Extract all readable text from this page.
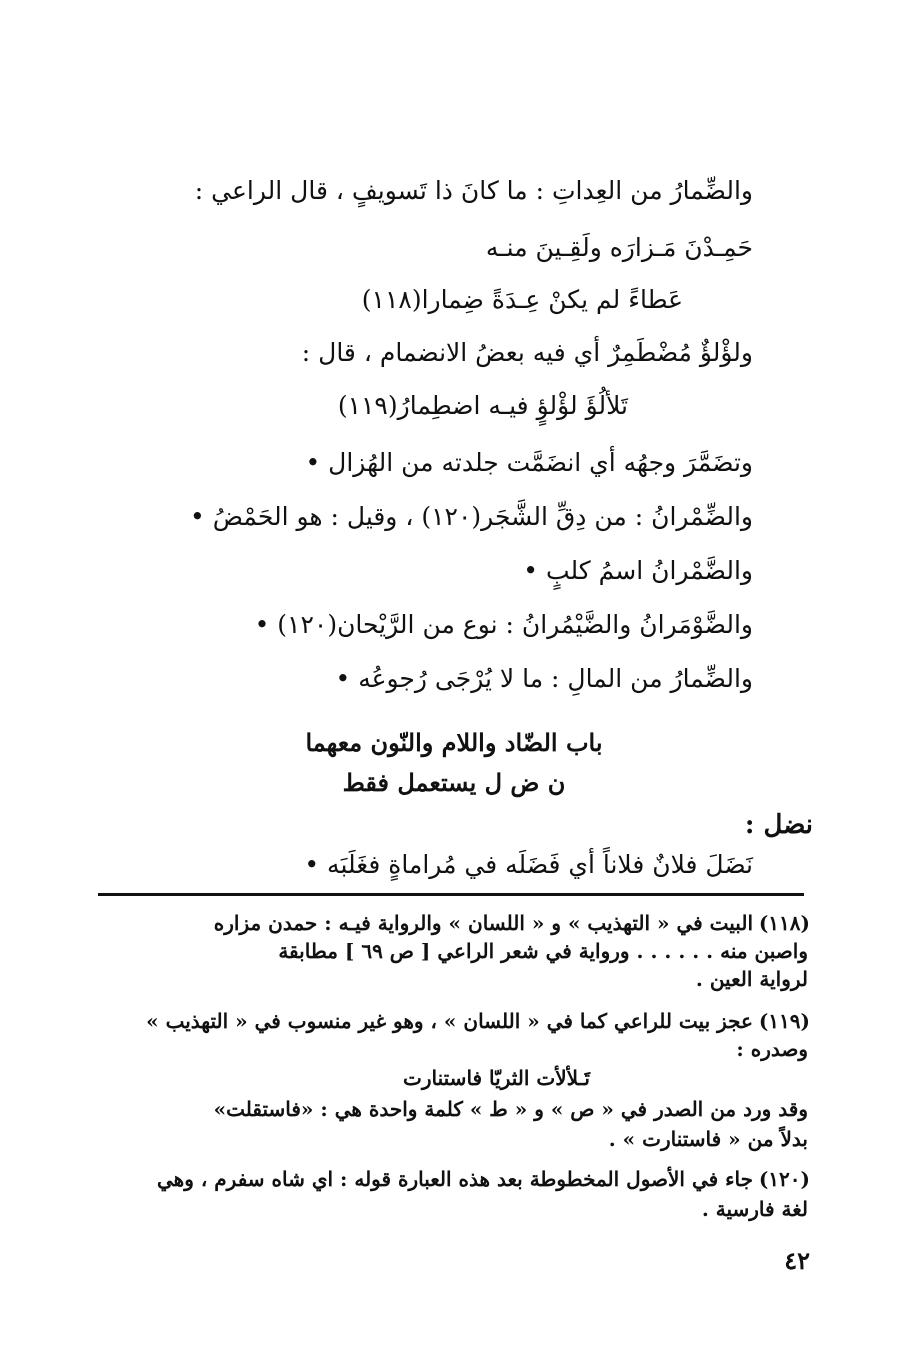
والضِّمارُ من العِداتِ : ما كانَ ذا تَسويفٍ ، قال الراعي :
حَمِـدْنَ مَـزارَه ولَقِـينَ منـه
عَطاءً لم يكنْ عِـدَةً ضِمارا(١١٨)
ولؤْلؤٌ مُضْطَمِرٌ أي فيه بعضُ الانضمام ، قال :
تَلألُؤَ لؤْلؤٍ فيـه اضطِمارُ(١١٩)
وتضَمَّرَ وجهُه أي انضَمَّت جلدته من الهُزال •
والضِّمْرانُ : من دِقِّ الشَّجَر(١٢٠) ، وقيل : هو الحَمْضُ •
والضَّمْرانُ اسمُ كلبٍ •
والضَّوْمَرانُ والضَّيْمُرانُ : نوع من الرَّيْحان(١٢٠) •
والضِّمارُ من المالِ : ما لا يُرْجَى رُجوعُه •
باب الضّاد واللام والنّون معهما
ن ض ل يستعمل فقط
نضل :
نَضَلَ فلانٌ فلاناً أي فَضَلَه في مُراماةٍ فغَلَبَه •
(١١٨)
البيت في « التهذيب » و « اللسان » والرواية فيـه : حمدن مزاره
واصبن منه . . . . . . ورواية في شعر الراعي [ ص ٦٩ ] مطابقة
لرواية العين .
(١١٩)
عجز بيت للراعي كما في « اللسان » ، وهو غير منسوب في « التهذيب »
وصدره :
تَـلألأت الثريّا فاستنارت
وقد ورد من الصدر في « ص » و « ط » كلمة واحدة هي : «فاستقلت»
بدلاً من « فاستنارت » .
(١٢٠)
جاء في الأصول المخطوطة بعد هذه العبارة قوله : اي شاه سفرم ، وهي
لغة فارسية .
٤٢
